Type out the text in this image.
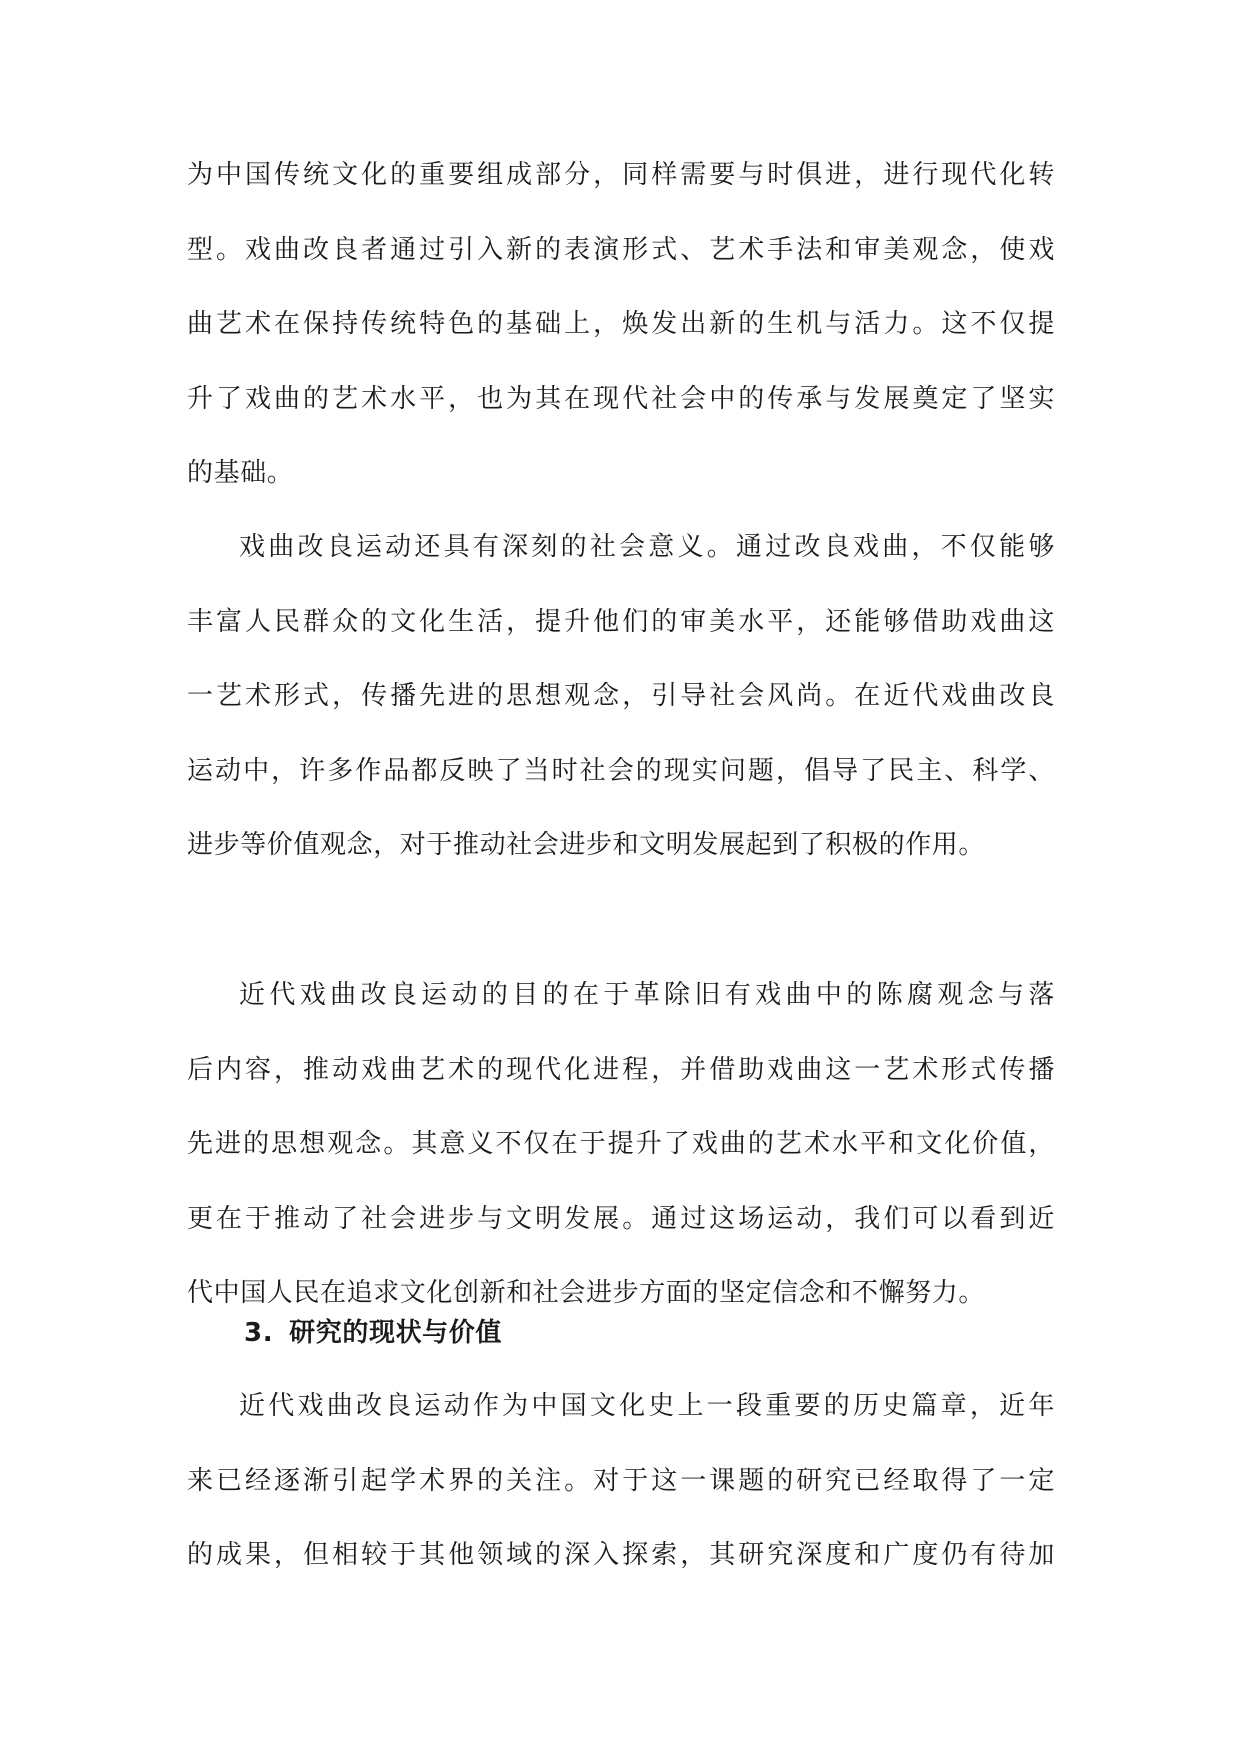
为中国传统文化的重要组成部分，同样需要与时俱进，进行现代化转
型。戏曲改良者通过引入新的表演形式、艺术手法和审美观念，使戏
曲艺术在保持传统特色的基础上，焕发出新的生机与活力。这不仅提
升了戏曲的艺术水平，也为其在现代社会中的传承与发展奠定了坚实
的基础。
戏曲改良运动还具有深刻的社会意义。通过改良戏曲，不仅能够
丰富人民群众的文化生活，提升他们的审美水平，还能够借助戏曲这
一艺术形式，传播先进的思想观念，引导社会风尚。在近代戏曲改良
运动中，许多作品都反映了当时社会的现实问题，倡导了民主、科学、
进步等价值观念，对于推动社会进步和文明发展起到了积极的作用。
近代戏曲改良运动的目的在于革除旧有戏曲中的陈腐观念与落
后内容，推动戏曲艺术的现代化进程，并借助戏曲这一艺术形式传播
先进的思想观念。其意义不仅在于提升了戏曲的艺术水平和文化价值，
更在于推动了社会进步与文明发展。通过这场运动，我们可以看到近
代中国人民在追求文化创新和社会进步方面的坚定信念和不懈努力。
3. 研究的现状与价值
近代戏曲改良运动作为中国文化史上一段重要的历史篇章，近年
来已经逐渐引起学术界的关注。对于这一课题的研究已经取得了一定
的成果，但相较于其他领域的深入探索，其研究深度和广度仍有待加
